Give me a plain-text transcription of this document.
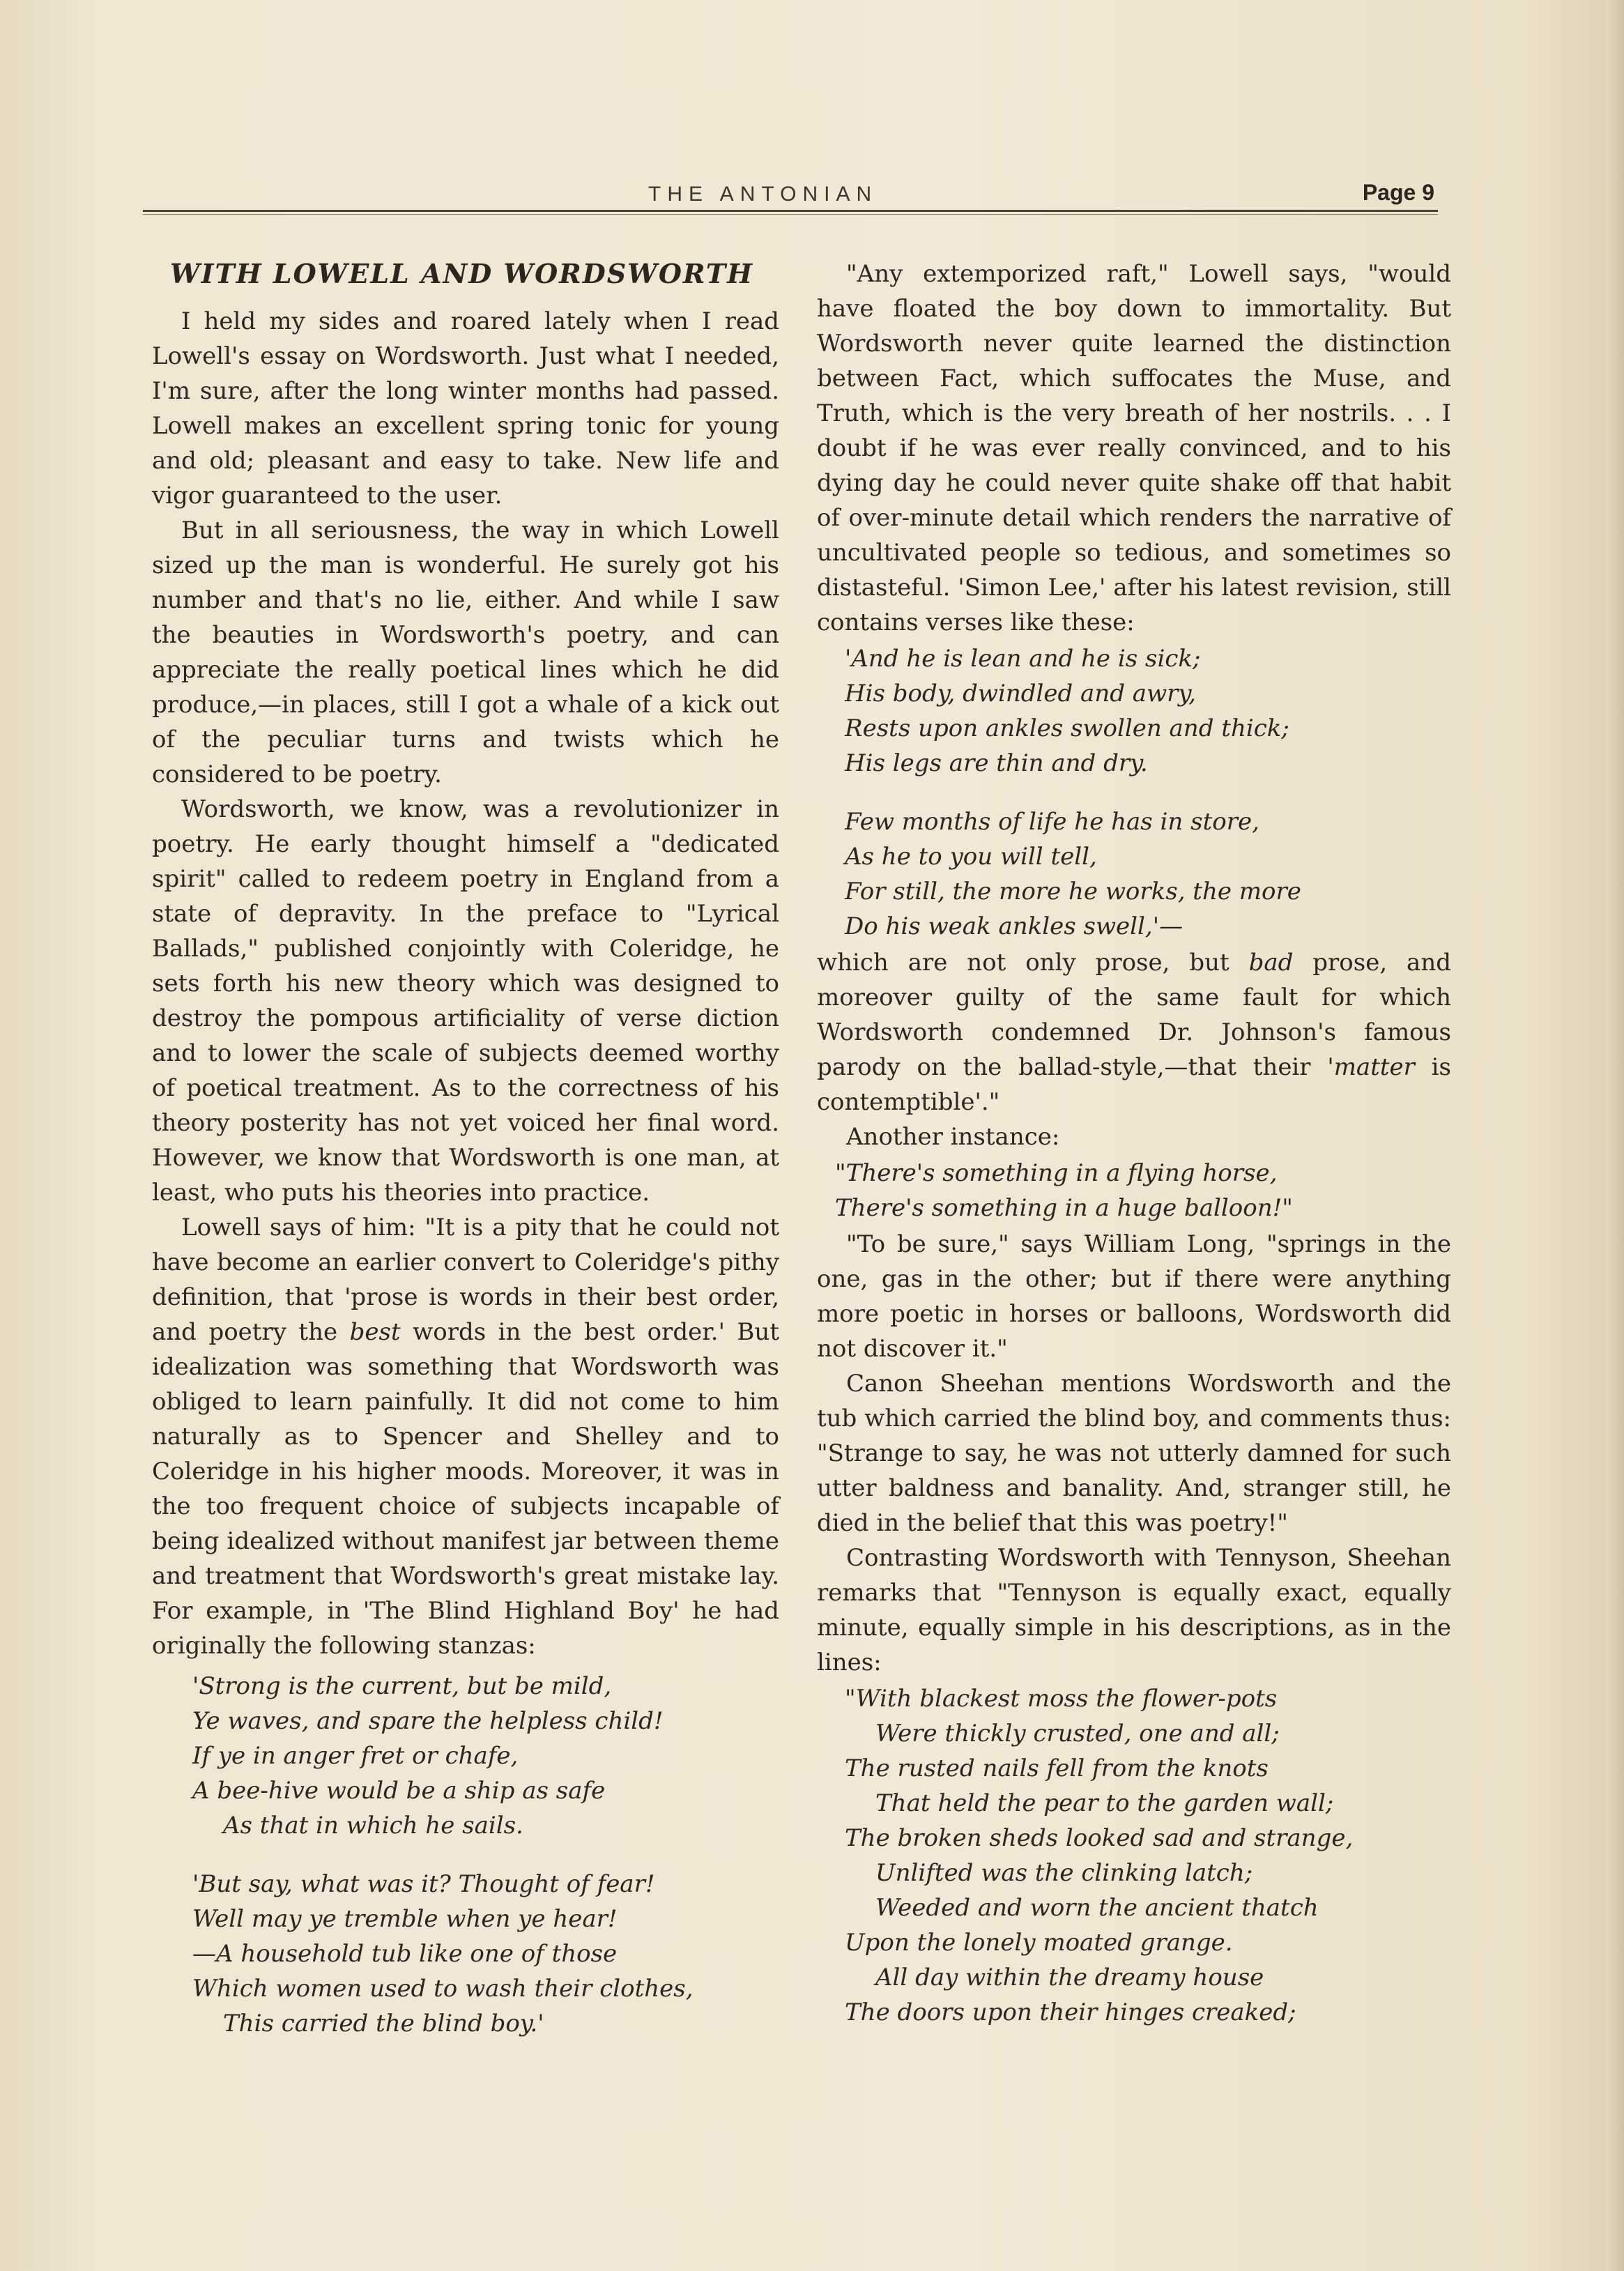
THE ANTONIAN	Page 9
WITH LOWELL AND WORDSWORTH

I held my sides and roared lately when I read Lowell's essay on Wordsworth. Just what I needed, I'm sure, after the long winter months had passed. Lowell makes an excellent spring tonic for young and old; pleasant and easy to take. New life and vigor guaranteed to the user.

But in all seriousness, the way in which Lowell sized up the man is wonderful. He surely got his number and that's no lie, either. And while I saw the beauties in Wordsworth's poetry, and can appreciate the really poetical lines which he did produce,—in places, still I got a whale of a kick out of the peculiar turns and twists which he considered to be poetry.

Wordsworth, we know, was a revolutionizer in poetry. He early thought himself a "dedicated spirit" called to redeem poetry in England from a state of depravity. In the preface to "Lyrical Ballads," published conjointly with Coleridge, he sets forth his new theory which was designed to destroy the pompous artificiality of verse diction and to lower the scale of subjects deemed worthy of poetical treatment. As to the correctness of his theory posterity has not yet voiced her final word. However, we know that Wordsworth is one man, at least, who puts his theories into practice.

Lowell says of him: "It is a pity that he could not have become an earlier convert to Coleridge's pithy definition, that 'prose is words in their best order, and poetry the best words in the best order.' But idealization was something that Wordsworth was obliged to learn painfully. It did not come to him naturally as to Spencer and Shelley and to Coleridge in his higher moods. Moreover, it was in the too frequent choice of subjects incapable of being idealized without manifest jar between theme and treatment that Wordsworth's great mistake lay. For example, in 'The Blind Highland Boy' he had originally the following stanzas:

'Strong is the current, but be mild,
Ye waves, and spare the helpless child!
If ye in anger fret or chafe,
A bee-hive would be a ship as safe
As that in which he sails.
'But say, what was it? Thought of fear!
Well may ye tremble when ye hear!
—A household tub like one of those
Which women used to wash their clothes,
This carried the blind boy.'

"Any extemporized raft," Lowell says, "would have floated the boy down to immortality. But Wordsworth never quite learned the distinction between Fact, which suffocates the Muse, and Truth, which is the very breath of her nostrils. . . I doubt if he was ever really convinced, and to his dying day he could never quite shake off that habit of over-minute detail which renders the narrative of uncultivated people so tedious, and sometimes so distasteful. 'Simon Lee,' after his latest revision, still contains verses like these:

'And he is lean and he is sick;
His body, dwindled and awry,
Rests upon ankles swollen and thick;
His legs are thin and dry.
Few months of life he has in store,
As he to you will tell,
For still, the more he works, the more
Do his weak ankles swell,'—

which are not only prose, but bad prose, and moreover guilty of the same fault for which Wordsworth condemned Dr. Johnson's famous parody on the ballad-style,—that their 'matter is contemptible'."

Another instance:

"There's something in a flying horse,
There's something in a huge balloon!"

"To be sure," says William Long, "springs in the one, gas in the other; but if there were anything more poetic in horses or balloons, Wordsworth did not discover it."

Canon Sheehan mentions Wordsworth and the tub which carried the blind boy, and comments thus: "Strange to say, he was not utterly damned for such utter baldness and banality. And, stranger still, he died in the belief that this was poetry!"

Contrasting Wordsworth with Tennyson, Sheehan remarks that "Tennyson is equally exact, equally minute, equally simple in his descriptions, as in the lines:

"With blackest moss the flower-pots
Were thickly crusted, one and all;
The rusted nails fell from the knots
That held the pear to the garden wall;
The broken sheds looked sad and strange,
Unlifted was the clinking latch;
Weeded and worn the ancient thatch
Upon the lonely moated grange.
All day within the dreamy house
The doors upon their hinges creaked;
